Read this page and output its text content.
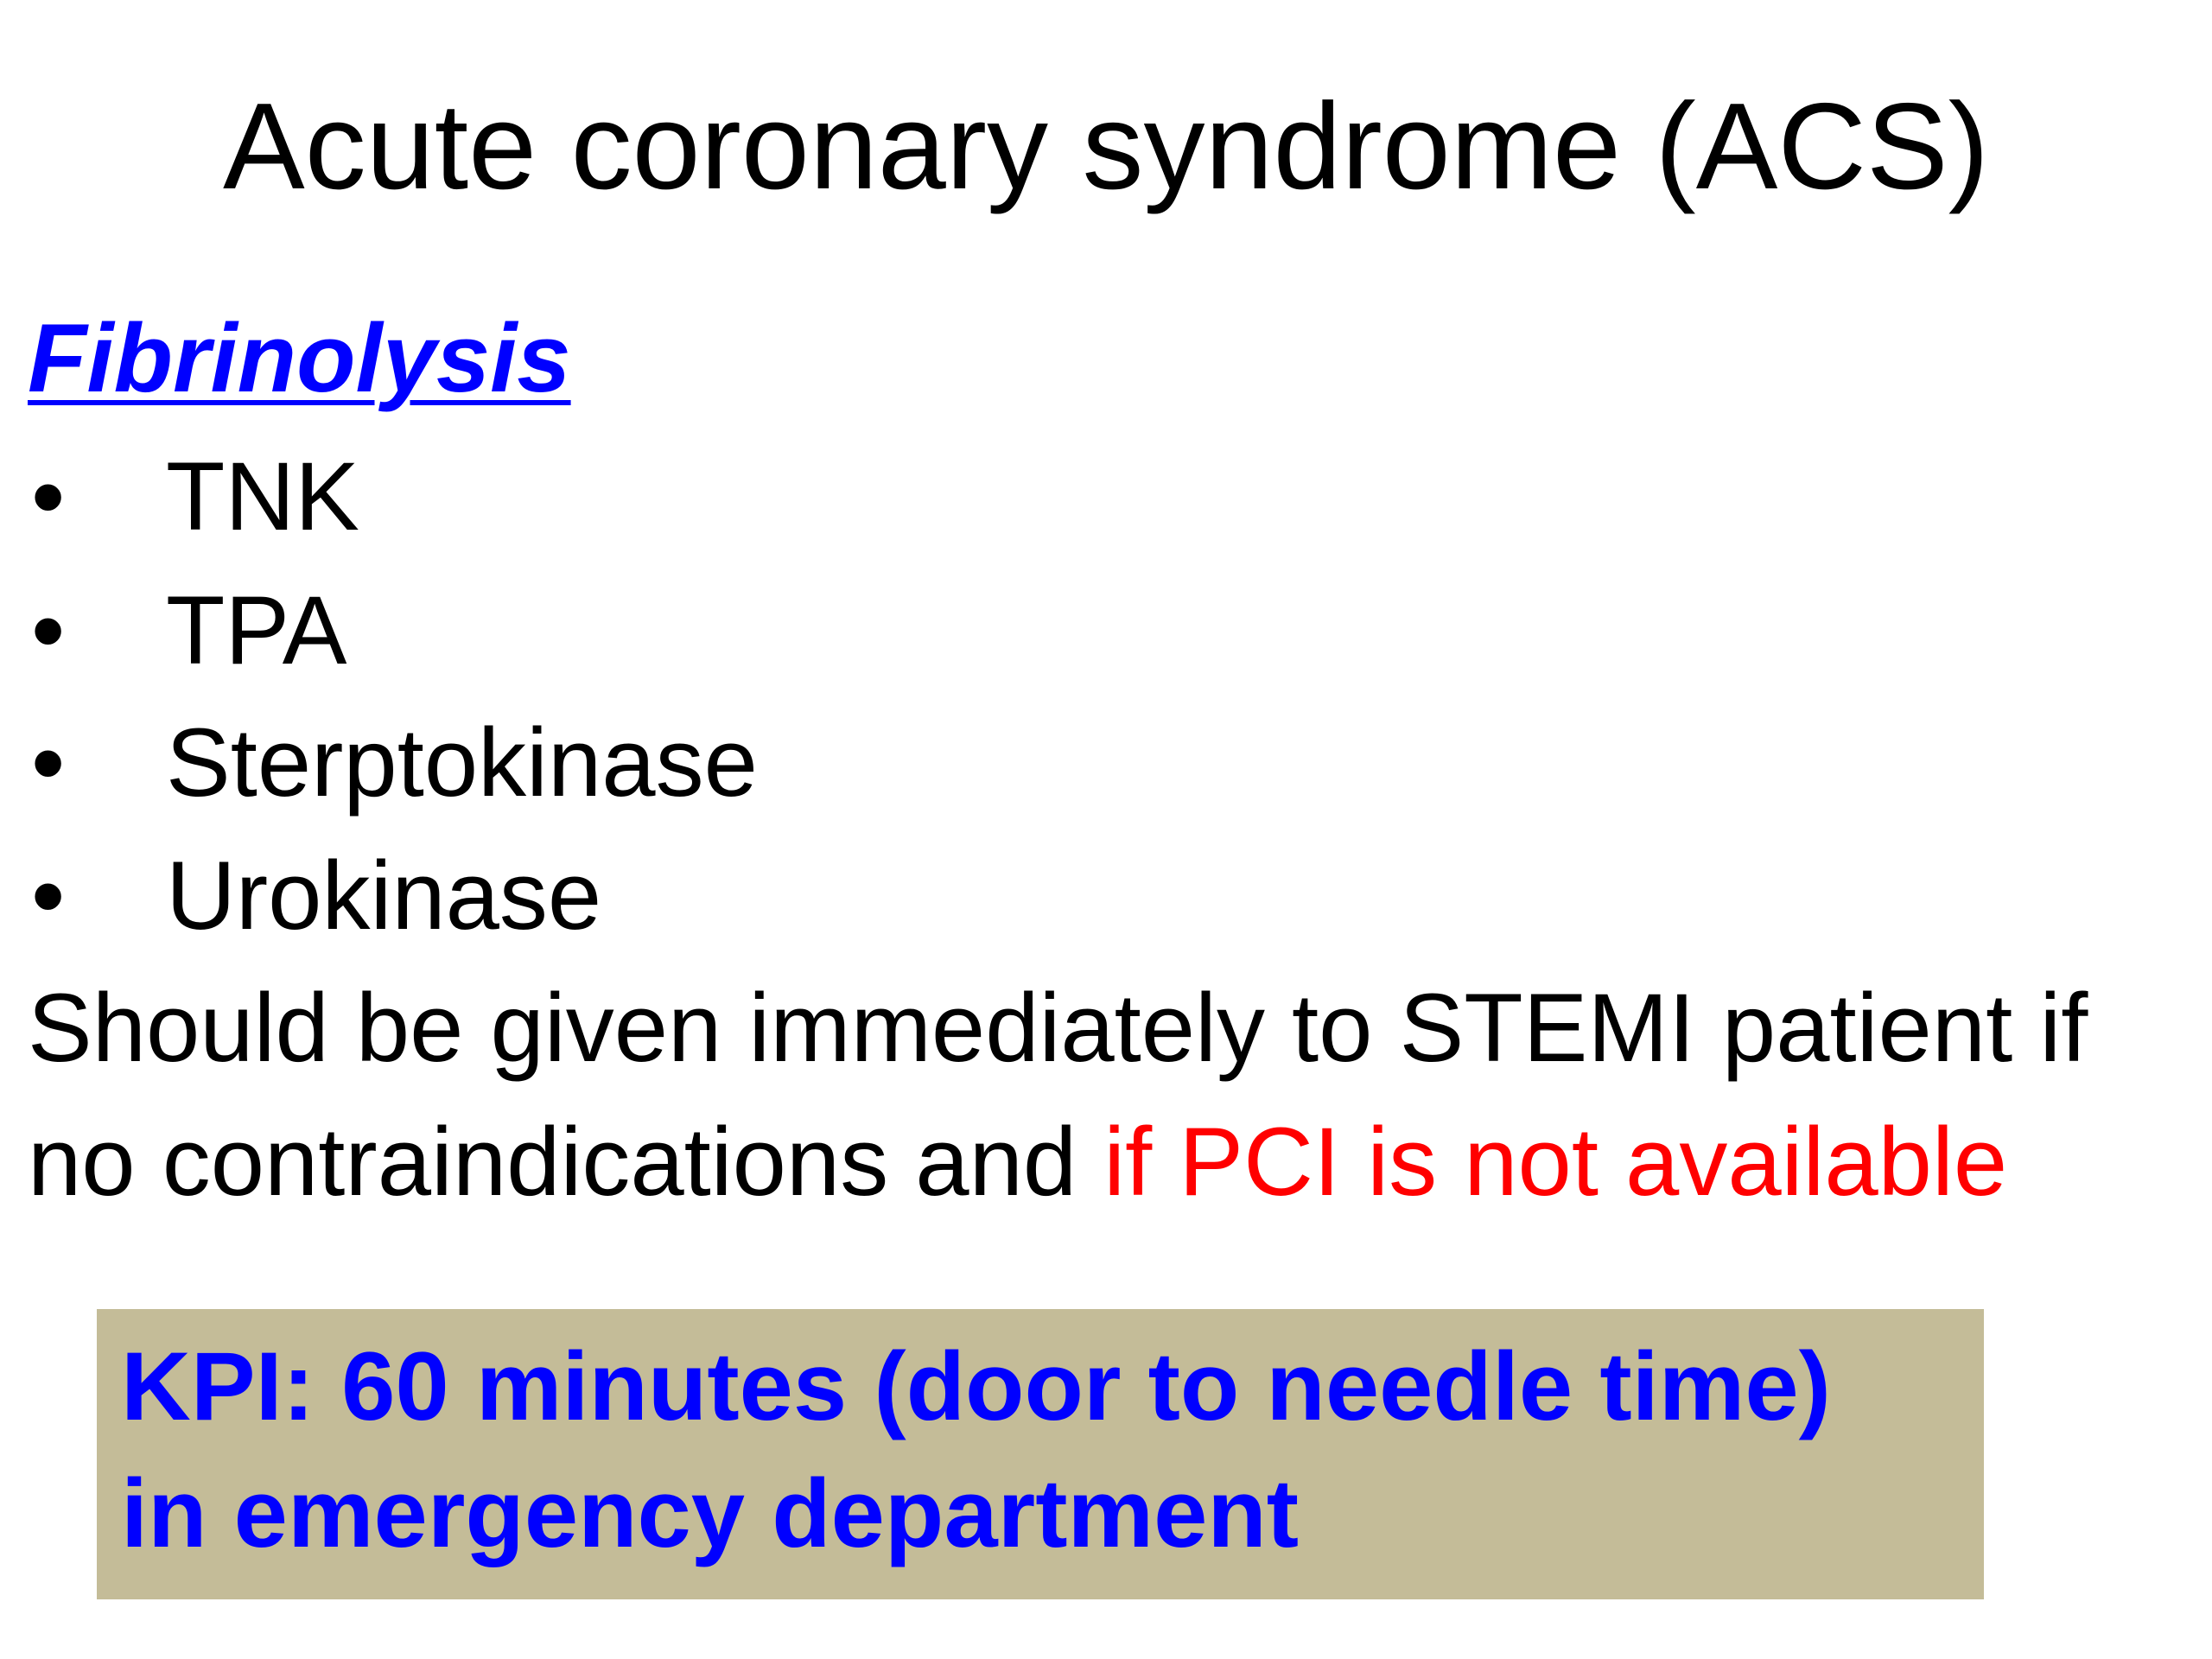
Acute coronary syndrome (ACS)
Fibrinolysis
• TNK
• TPA
• Sterptokinase
• Urokinase
Should be given immediately to STEMI patient if
no contraindications and if PCI is not available
KPI: 60 minutes (door to needle time)
in emergency department
